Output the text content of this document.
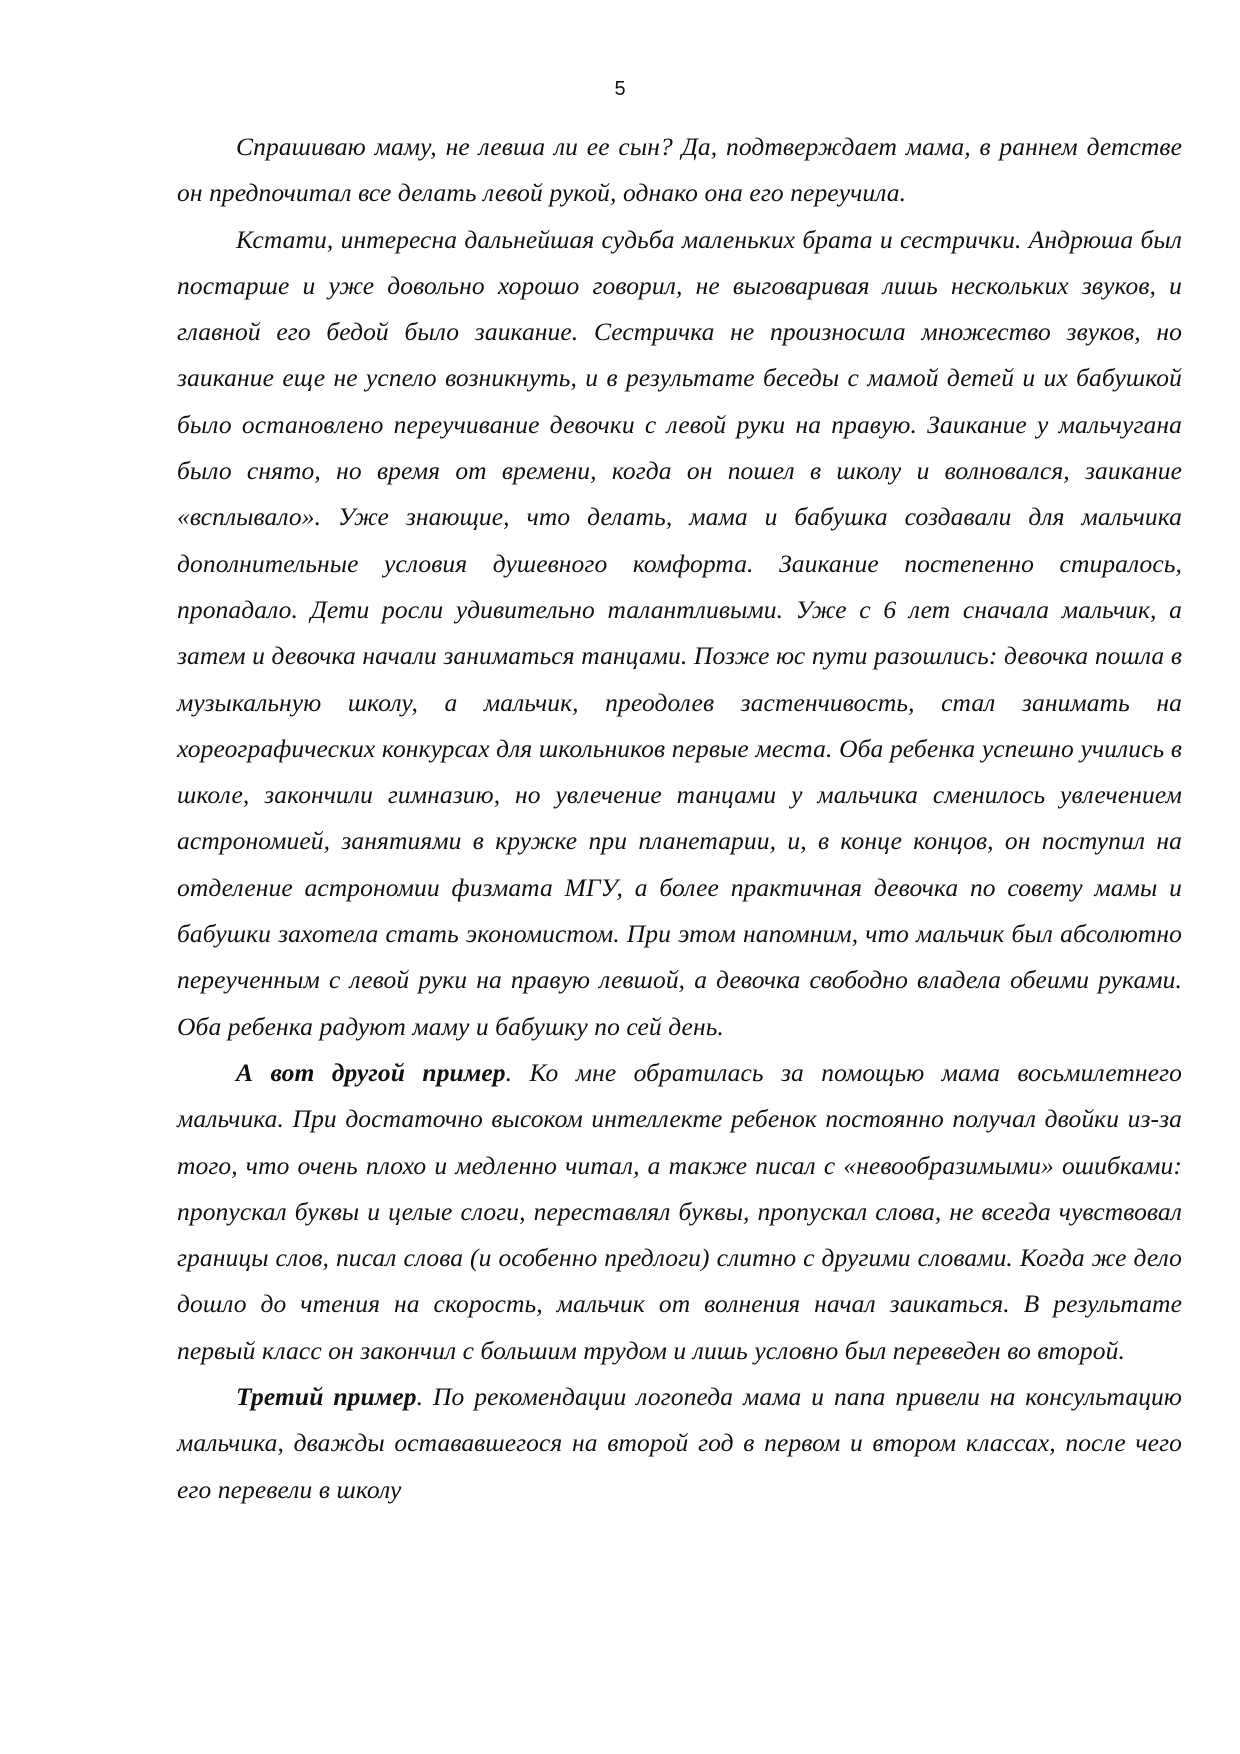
5

Спрашиваю маму, не левша ли ее сын? Да, подтверждает мама, в раннем детстве он предпочитал все делать левой рукой, однако она его переучила.

Кстати, интересна дальнейшая судьба маленьких брата и сестрички. Андрюша был постарше и уже довольно хорошо говорил, не выговаривая лишь нескольких звуков, и главной его бедой было заикание. Сестричка не произносила множество звуков, но заикание еще не успело возникнуть, и в результате беседы с мамой детей и их бабушкой было остановлено переучивание девочки с левой руки на правую. Заикание у мальчугана было снято, но время от времени, когда он пошел в школу и волновался, заикание «всплывало». Уже знающие, что делать, мама и бабушка создавали для мальчика дополнительные условия душевного комфорта. Заикание постепенно стиралось, пропадало. Дети росли удивительно талантливыми. Уже с 6 лет сначала мальчик, а затем и девочка начали заниматься танцами. Позже юс пути разошлись: девочка пошла в музыкальную школу, а мальчик, преодолев застенчивость, стал занимать на хореографических конкурсах для школьников первые места. Оба ребенка успешно учились в школе, закончили гимназию, но увлечение танцами у мальчика сменилось увлечением астрономией, занятиями в кружке при планетарии, и, в конце концов, он поступил на отделение астрономии физмата МГУ, а более практичная девочка по совету мамы и бабушки захотела стать экономистом. При этом напомним, что мальчик был абсолютно переученным с левой руки на правую левшой, а девочка свободно владела обеими руками. Оба ребенка радуют маму и бабушку по сей день.

А вот другой пример. Ко мне обратилась за помощью мама восьмилетнего мальчика. При достаточно высоком интеллекте ребенок постоянно получал двойки из-за того, что очень плохо и медленно читал, а также писал с «невообразимыми» ошибками: пропускал буквы и целые слоги, переставлял буквы, пропускал слова, не всегда чувствовал границы слов, писал слова (и особенно предлоги) слитно с другими словами. Когда же дело дошло до чтения на скорость, мальчик от волнения начал заикаться. В результате первый класс он закончил с большим трудом и лишь условно был переведен во второй.

Третий пример. По рекомендации логопеда мама и папа привели на консультацию мальчика, дважды остававшегося на второй год в первом и втором классах, после чего его перевели в школу
